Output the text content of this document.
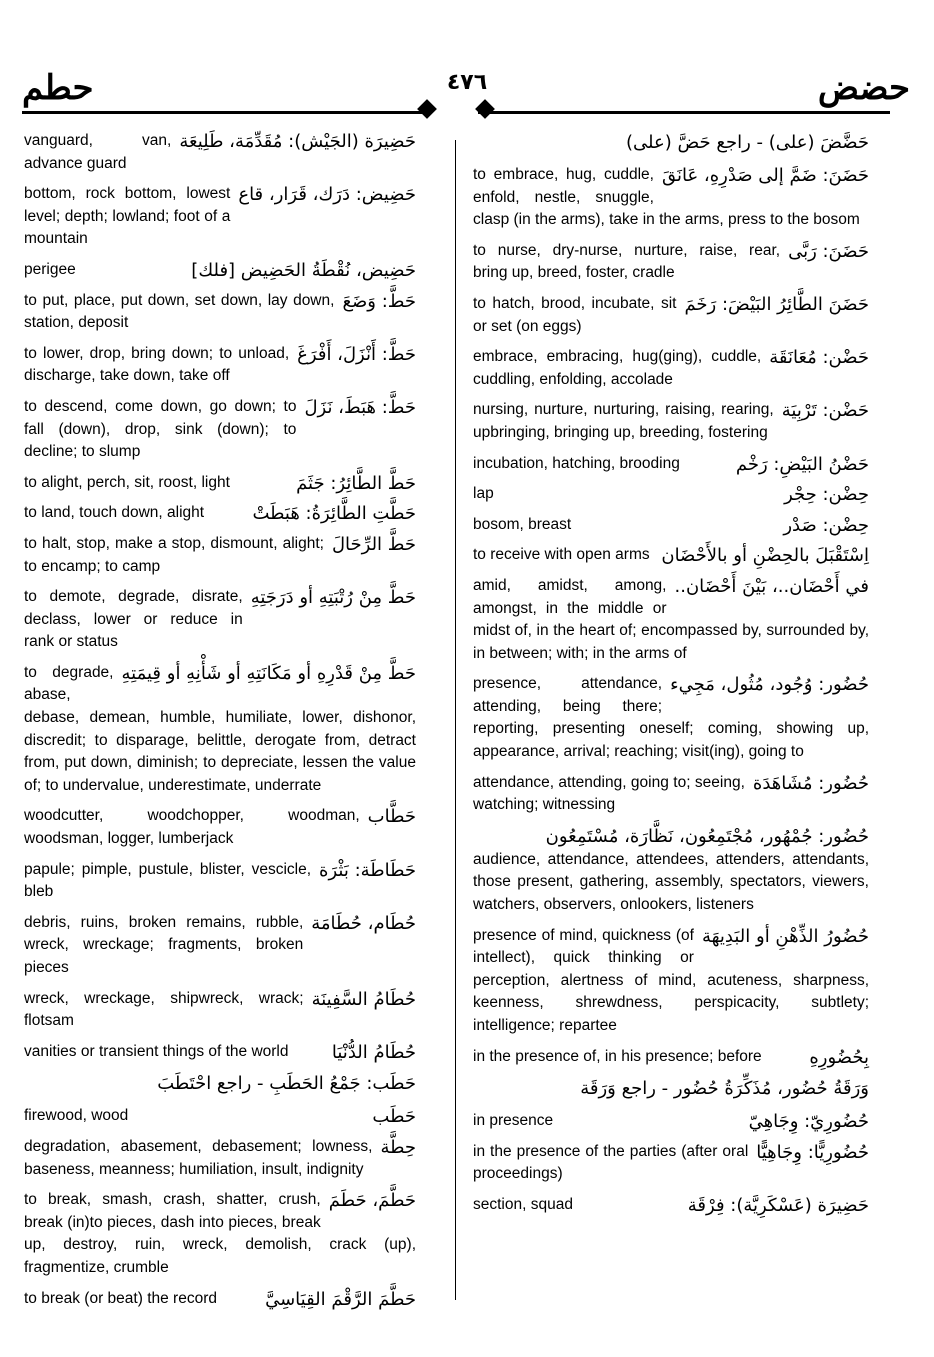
حطم	٤٧٦	حضض
حَضِيرَة (الجَيْش): مُقَدِّمَة، طَلِيعَة
vanguard, van, advance guard
حَضِيض: دَرَك، قَرَار، قاع
bottom, rock bottom, lowest level; depth; lowland; foot of a mountain
حَضِيض، نُقْطَةُ الحَضِيض [فلك]
perigee
حَطَّ: وَضَعَ
to put, place, put down, set down, lay down, station, deposit
حَطَّ: أَنْزَلَ، أَفْرَغَ
to lower, drop, bring down; to unload, discharge, take down, take off
حَطَّ: هَبَطَ، نَزَلَ
to descend, come down, go down; to fall (down), drop, sink (down); to decline; to slump
حَطَّ الطَّائِرُ: جَثَمَ
to alight, perch, sit, roost, light
حَطَّتِ الطَّائِرَةُ: هَبَطَتْ
to land, touch down, alight
حَطَّ الرِّحَالَ
to halt, stop, make a stop, dismount, alight; to encamp; to camp
حَطَّ مِنْ رُتْبَتِهِ أو دَرَجَتِهِ
to demote, degrade, disrate, declass, lower or reduce in rank or status
حَطَّ مِنْ قَدْرِهِ أو مَكَانَتِهِ أو شَأْنِهِ أو قِيمَتِهِ
to degrade, abase, debase, demean, humble, humiliate, lower, dishonor, discredit; to disparage, belittle, derogate from, detract from, put down, diminish; to depreciate, lessen the value of; to undervalue, underestimate, underrate
حَطَّاب
woodcutter, woodchopper, woodman, woodsman, logger, lumberjack
حَطَاطَة: بَثْرَة
papule; pimple, pustule, blister, vescicle, bleb
حُطَام، حُطَامَة
debris, ruins, broken remains, rubble, wreck, wreckage; fragments, broken pieces
حُطَامُ السَّفِينَة
wreck, wreckage, shipwreck, wrack; flotsam
حُطَامُ الدُّنْيَا
vanities or transient things of the world
حَطَب: جَمْعُ الحَطَبِ - راجع احْتَطَبَ
حَطَب
firewood, wood
حِطَّة
degradation, abasement, debasement; lowness, baseness, meanness; humiliation, insult, indignity
حَطَّمَ، حَطَمَ
to break, smash, crash, shatter, crush, break (in)to pieces, dash into pieces, break up, destroy, ruin, wreck, demolish, crack (up), fragmentize, crumble
حَطَّمَ الرَّقْمَ القِيَاسِيَّ
to break (or beat) the record
حَضَّضَ (على) - راجع حَضَّ (على)
حَضَنَ: ضَمَّ إلى صَدْرِهِ، عَانَقَ
to embrace, hug, cuddle, enfold, nestle, snuggle, clasp (in the arms), take in the arms, press to the bosom
حَضَنَ: رَبَّى
to nurse, dry-nurse, nurture, raise, rear, bring up, breed, foster, cradle
حَضَنَ الطَّائِرُ البَيْضَ: رَخَمَ
to hatch, brood, incubate, sit or set (on eggs)
حَضْن: مُعَانَقَة
embrace, embracing, hug(ging), cuddle, cuddling, enfolding, accolade
حَضْن: تَرْبِيَة
nursing, nurture, nurturing, raising, rearing, upbringing, bringing up, breeding, fostering
حَضْنُ البَيْضِ: رَخْم
incubation, hatching, brooding
حِضْن: حِجْر
lap
حِضْن: صَدْر
bosom, breast
اِسْتَقْبَلَ بالحِضْنِ أو بالأَحْضَان
to receive with open arms
في أَحْضَان..، بَيْنَ أَحْضَان..
amid, amidst, among, amongst, in the middle or midst of, in the heart of; encompassed by, surrounded by, in between; with; in the arms of
حُضُور: وُجُود، مُثُول، مَجِيء
presence, attendance, attending, being there; reporting, presenting oneself; coming, showing up, appearance, arrival; reaching; visit(ing), going to
حُضُور: مُشَاهَدَة
attendance, attending, going to; seeing, watching; witnessing
حُضُور: جُمْهُور، مُجْتَمِعُون، نَظَّارَة، مُسْتَمِعُون
audience, attendance, attendees, attenders, attendants, those present, gathering, assembly, spectators, viewers, watchers, observers, onlookers, listeners
حُضُورُ الذِّهْنِ أو البَدِيهَة
presence of mind, quickness (of intellect), quick thinking or perception, alertness of mind, acuteness, sharpness, keenness, shrewdness, perspicacity, subtlety; intelligence; repartee
بِحُضُورِهِ
in the presence of, in his presence; before
وَرَقَةُ حُضُور، مُذَكِّرَةُ حُضُور - راجع وَرَقَة
حُضُورِيّ: وِجَاهِيّ
in presence
حُضُورِيًّا: وِجَاهِيًّا
in the presence of the parties (after oral proceedings)
حَضِيرَة (عَسْكَرِيَّة): فِرْقَة
section, squad
